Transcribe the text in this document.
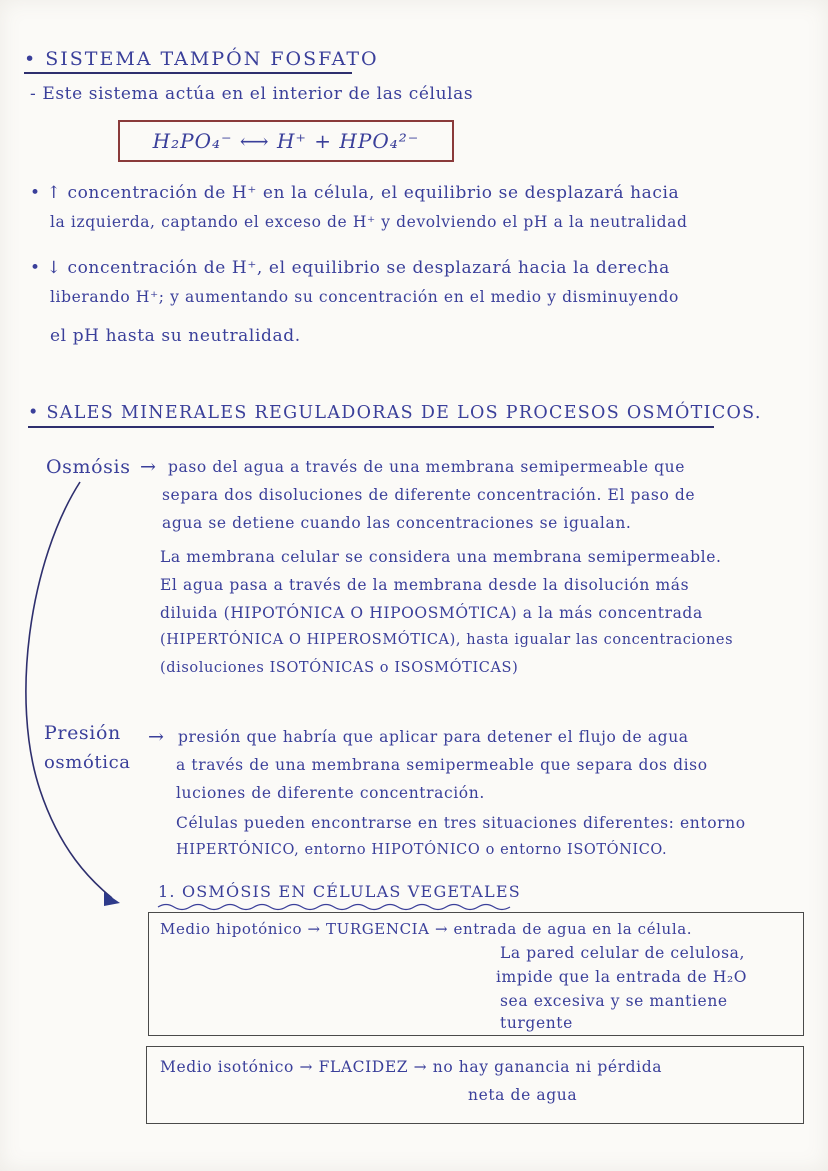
• SISTEMA TAMPÓN FOSFATO
- Este sistema actúa en el interior de las células
H₂PO₄⁻ ⟷ H⁺ + HPO₄²⁻
• ↑ concentración de H⁺ en la célula, el equilibrio se desplazará hacia
la izquierda, captando el exceso de H⁺ y devolviendo el pH a la neutralidad
• ↓ concentración de H⁺, el equilibrio se desplazará hacia la derecha
liberando H⁺; y aumentando su concentración en el medio y disminuyendo
el pH hasta su neutralidad.
• SALES MINERALES REGULADORAS DE LOS PROCESOS OSMÓTICOS.
Osmósis → paso del agua a través de una membrana semipermeable que
separa dos disoluciones de diferente concentración. El paso de
agua se detiene cuando las concentraciones se igualan.
La membrana celular se considera una membrana semipermeable.
El agua pasa a través de la membrana desde la disolución más
diluida (HIPOTÓNICA O HIPOOSMÓTICA) a la más concentrada
(HIPERTÓNICA O HIPEROSMÓTICA), hasta igualar las concentraciones
(disoluciones ISOTÓNICAS o ISOSMÓTICAS)
Presión
osmótica
→ presión que habría que aplicar para detener el flujo de agua
a través de una membrana semipermeable que separa dos diso
luciones de diferente concentración.
Células pueden encontrarse en tres situaciones diferentes: entorno
HIPERTÓNICO, entorno HIPOTÓNICO o entorno ISOTÓNICO.
1. OSMÓSIS EN CÉLULAS VEGETALES
Medio hipotónico → TURGENCIA → entrada de agua en la célula.
La pared celular de celulosa,
impide que la entrada de H₂O
sea excesiva y se mantiene
turgente
Medio isotónico → FLACIDEZ → no hay ganancia ni pérdida
neta de agua
